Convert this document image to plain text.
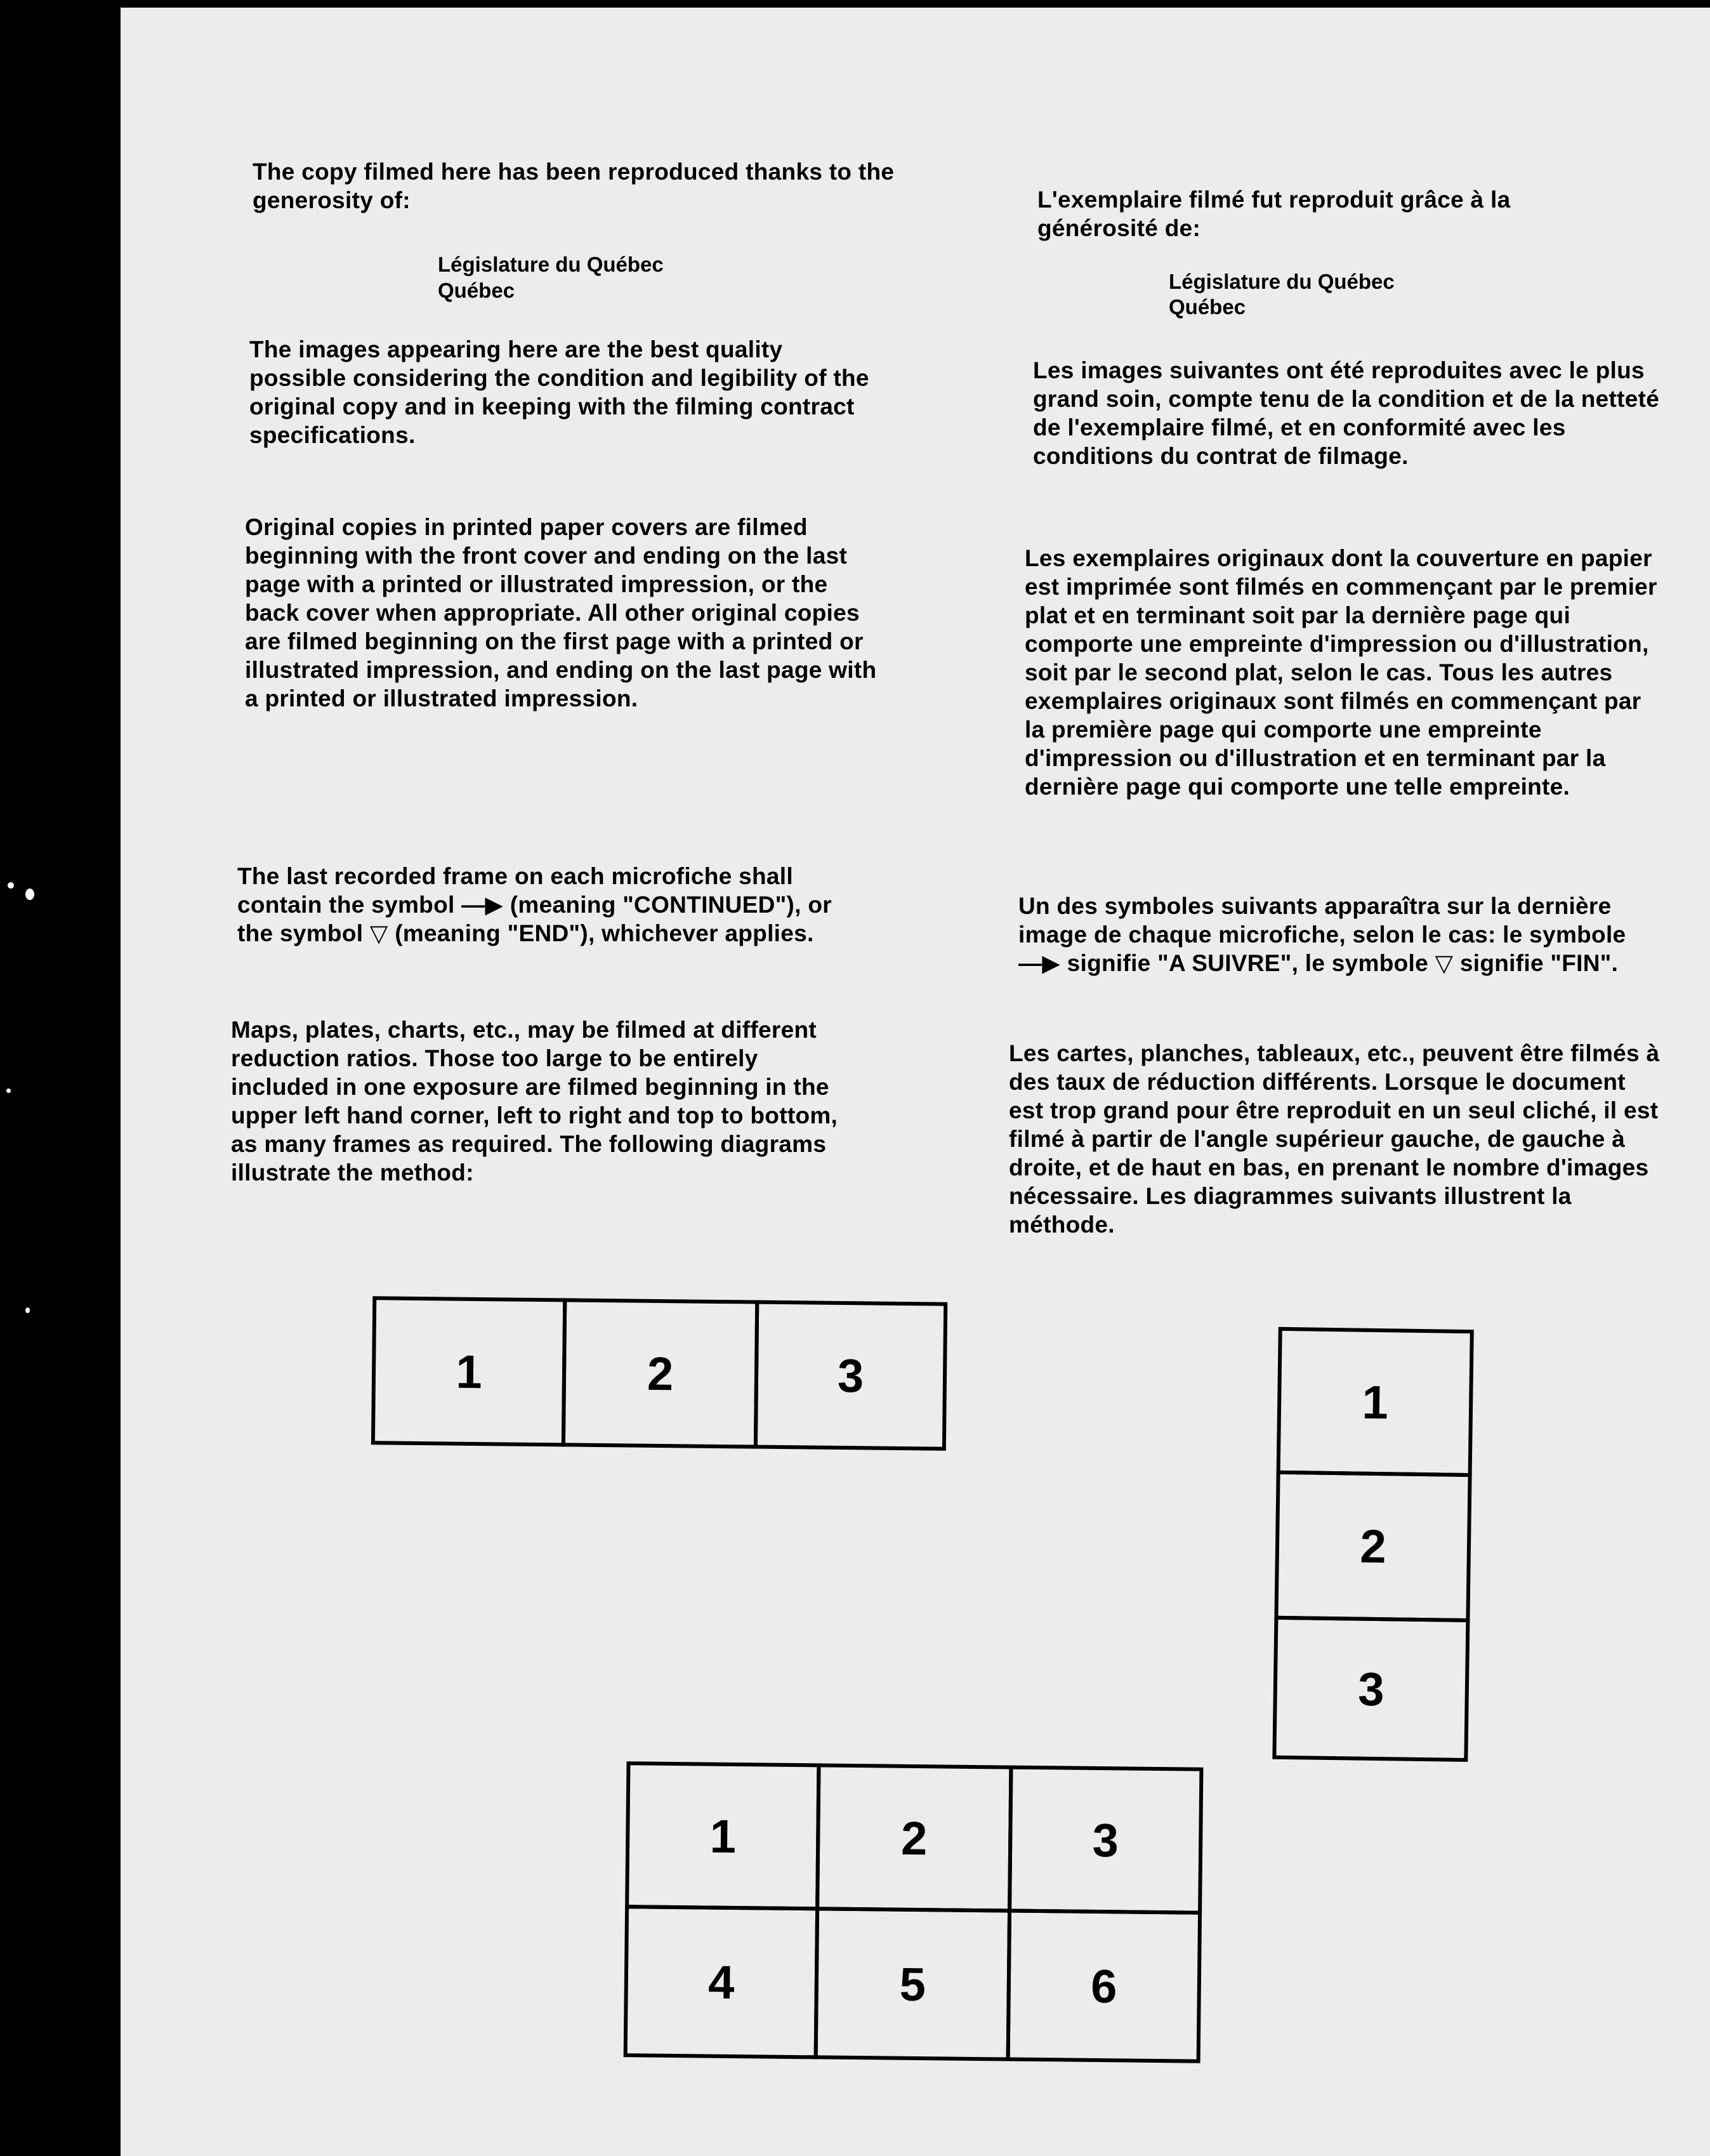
The copy filmed here has been reproduced thanks to the generosity of:

Législature du Québec

Québec

The images appearing here are the best quality possible considering the condition and legibility of the original copy and in keeping with the filming contract specifications.

Original copies in printed paper covers are filmed beginning with the front cover and ending on the last page with a printed or illustrated impression, or the back cover when appropriate. All other original copies are filmed beginning on the first page with a printed or illustrated impression, and ending on the last page with a printed or illustrated impression.

The last recorded frame on each microfiche shall contain the symbol —▶ (meaning "CONTINUED"), or the symbol ▽ (meaning "END"), whichever applies.

Maps, plates, charts, etc., may be filmed at different reduction ratios. Those too large to be entirely included in one exposure are filmed beginning in the upper left hand corner, left to right and top to bottom, as many frames as required. The following diagrams illustrate the method:

L'exemplaire filmé fut reproduit grâce à la générosité de:

Législature du Québec

Québec

Les images suivantes ont été reproduites avec le plus grand soin, compte tenu de la condition et de la netteté de l'exemplaire filmé, et en conformité avec les conditions du contrat de filmage.

Les exemplaires originaux dont la couverture en papier est imprimée sont filmés en commençant par le premier plat et en terminant soit par la dernière page qui comporte une empreinte d'impression ou d'illustration, soit par le second plat, selon le cas. Tous les autres exemplaires originaux sont filmés en commençant par la première page qui comporte une empreinte d'impression ou d'illustration et en terminant par la dernière page qui comporte une telle empreinte.

Un des symboles suivants apparaîtra sur la dernière image de chaque microfiche, selon le cas: le symbole —▶ signifie "A SUIVRE", le symbole ▽ signifie "FIN".

Les cartes, planches, tableaux, etc., peuvent être filmés à des taux de réduction différents. Lorsque le document est trop grand pour être reproduit en un seul cliché, il est filmé à partir de l'angle supérieur gauche, de gauche à droite, et de haut en bas, en prenant le nombre d'images nécessaire. Les diagrammes suivants illustrent la méthode.

1	2	3
1
2
3
1	2	3
4	5	6
